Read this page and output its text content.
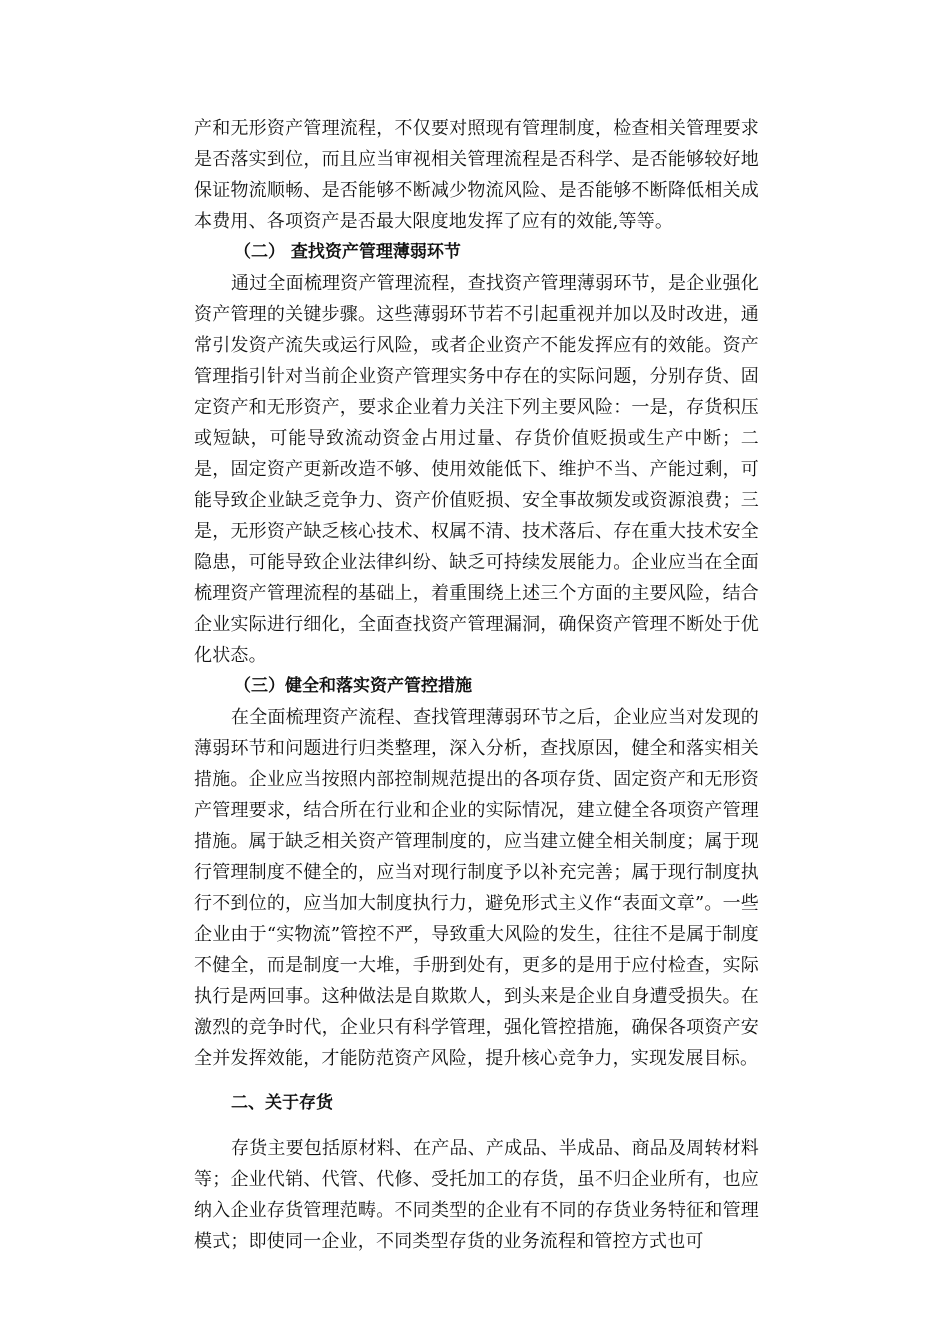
产和无形资产管理流程，不仅要对照现有管理制度，检查相关管理要求是否落实到位，而且应当审视相关管理流程是否科学、是否能够较好地保证物流顺畅、是否能够不断减少物流风险、是否能够不断降低相关成本费用、各项资产是否最大限度地发挥了应有的效能,等等。

（二） 查找资产管理薄弱环节

通过全面梳理资产管理流程，查找资产管理薄弱环节，是企业强化资产管理的关键步骤。这些薄弱环节若不引起重视并加以及时改进，通常引发资产流失或运行风险，或者企业资产不能发挥应有的效能。资产管理指引针对当前企业资产管理实务中存在的实际问题，分别存货、固定资产和无形资产，要求企业着力关注下列主要风险：一是，存货积压或短缺，可能导致流动资金占用过量、存货价值贬损或生产中断；二是，固定资产更新改造不够、使用效能低下、维护不当、产能过剩，可能导致企业缺乏竞争力、资产价值贬损、安全事故频发或资源浪费；三是，无形资产缺乏核心技术、权属不清、技术落后、存在重大技术安全隐患，可能导致企业法律纠纷、缺乏可持续发展能力。企业应当在全面梳理资产管理流程的基础上，着重围绕上述三个方面的主要风险，结合企业实际进行细化，全面查找资产管理漏洞，确保资产管理不断处于优化状态。

（三）健全和落实资产管控措施

在全面梳理资产流程、查找管理薄弱环节之后，企业应当对发现的薄弱环节和问题进行归类整理，深入分析，查找原因，健全和落实相关措施。企业应当按照内部控制规范提出的各项存货、固定资产和无形资产管理要求，结合所在行业和企业的实际情况，建立健全各项资产管理措施。属于缺乏相关资产管理制度的，应当建立健全相关制度；属于现行管理制度不健全的，应当对现行制度予以补充完善；属于现行制度执行不到位的，应当加大制度执行力，避免形式主义作“表面文章”。一些企业由于“实物流”管控不严，导致重大风险的发生，往往不是属于制度不健全，而是制度一大堆，手册到处有，更多的是用于应付检查，实际执行是两回事。这种做法是自欺欺人，到头来是企业自身遭受损失。在激烈的竞争时代，企业只有科学管理，强化管控措施，确保各项资产安全并发挥效能，才能防范资产风险，提升核心竞争力，实现发展目标。

二、关于存货

存货主要包括原材料、在产品、产成品、半成品、商品及周转材料等；企业代销、代管、代修、受托加工的存货，虽不归企业所有，也应纳入企业存货管理范畴。不同类型的企业有不同的存货业务特征和管理模式；即使同一企业，不同类型存货的业务流程和管控方式也可
